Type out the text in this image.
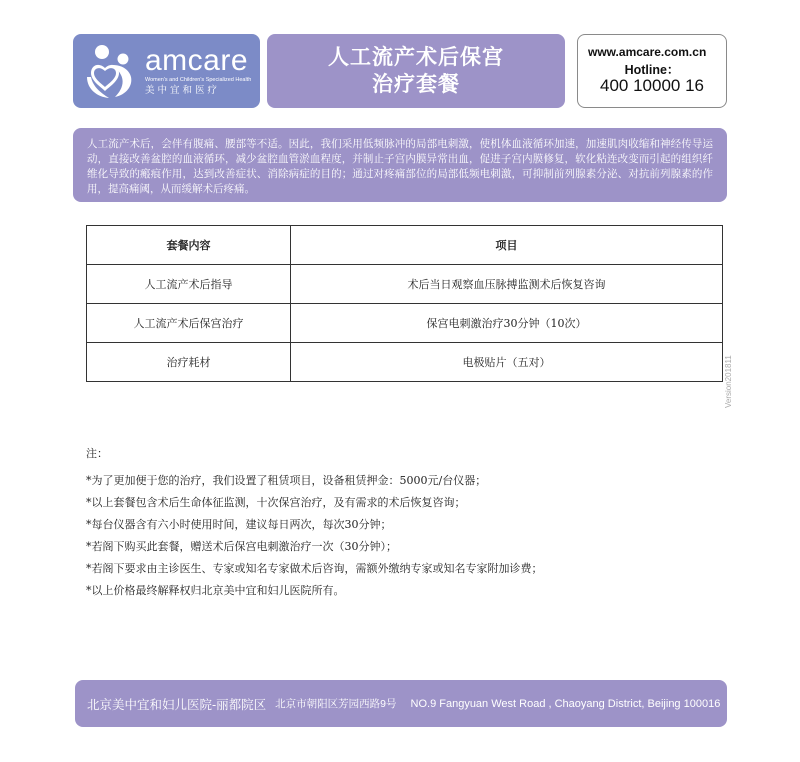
amcare
Women's and Children's Specialized Health
美中宜和医疗
人工流产术后保宫
治疗套餐
www.amcare.com.cn
Hotline：
400 10000 16

人工流产术后，会伴有腹痛、腰部等不适。因此，我们采用低频脉冲的局部电刺激，使机体血液循环加速，加速肌肉收缩和神经传导运动，直接改善盆腔的血液循环，减少盆腔血管淤血程度，并制止子宫内膜异常出血，促进子宫内膜修复，软化粘连改变而引起的组织纤维化导致的瘢痕作用，达到改善症状、消除病症的目的；通过对疼痛部位的局部低频电刺激，可抑制前列腺素分泌、对抗前列腺素的作用，提高痛阈，从而缓解术后疼痛。

套餐内容	项目
人工流产术后指导	术后当日观察血压脉搏监测术后恢复咨询
人工流产术后保宫治疗	保宫电刺激治疗30分钟（10次）
治疗耗材	电极贴片（五对）	Version201811

注：

*为了更加便于您的治疗，我们设置了租赁项目，设备租赁押金：5000元/台仪器；

*以上套餐包含术后生命体征监测，十次保宫治疗，及有需求的术后恢复咨询；

*每台仪器含有六小时使用时间，建议每日两次，每次30分钟；

*若阁下购买此套餐，赠送术后保宫电刺激治疗一次（30分钟）；

*若阁下要求由主诊医生、专家或知名专家做术后咨询，需额外缴纳专家或知名专家附加诊费；

*以上价格最终解释权归北京美中宜和妇儿医院所有。

北京美中宜和妇儿医院-丽都院区 北京市朝阳区芳园西路9号 NO.9 Fangyuan West Road , Chaoyang District, Beijing 100016
